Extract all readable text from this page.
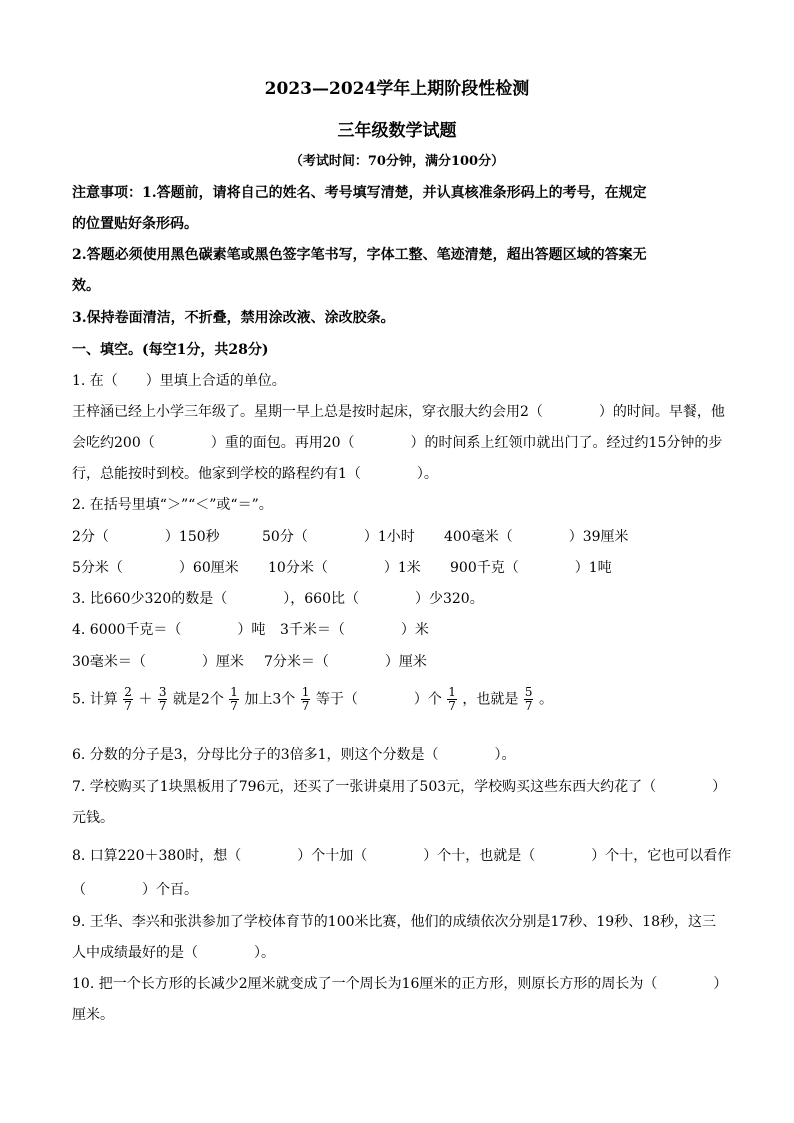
2023—2024学年上期阶段性检测
三年级数学试题
（考试时间：70分钟，满分100分）
注意事项：1.答题前，请将自己的姓名、考号填写清楚，并认真核准条形码上的考号，在规定
的位置贴好条形码。
2.答题必须使用黑色碳素笔或黑色签字笔书写，字体工整、笔迹清楚，超出答题区域的答案无
效。
3.保持卷面清洁，不折叠，禁用涂改液、涂改胶条。
一、填空。(每空1分，共28分)
1. 在（　　）里填上合适的单位。
王梓涵已经上小学三年级了。星期一早上总是按时起床，穿衣服大约会用2（　　　　）的时间。早餐，他
会吃约200（　　　　）重的面包。再用20（　　　　）的时间系上红领巾就出门了。经过约15分钟的步
行，总能按时到校。他家到学校的路程约有1（　　　　）。
2. 在括号里填“＞”“＜”或“＝”。
2分（　　　　）150秒	50分（　　　　）1小时 400毫米（　　　　）39厘米
5分米（　　　　）60厘米 10分米（　　　　）1米 900千克（　　　　）1吨
3. 比660少320的数是（　　　　），660比（　　　　）少320。
4. 6000千克＝（　　　　）吨 3千米＝（　　　　）米
30毫米＝（　　　　）厘米 7分米＝（　　　　）厘米
5. 计算 $\frac{2}{7} + \frac{3}{7}$ 就是2个 $\frac{1}{7}$ 加上3个 $\frac{1}{7}$ 等于（　　　　）个 $\frac{1}{7}$ ，也就是 $\frac{5}{7}$ 。
6. 分数的分子是3，分母比分子的3倍多1，则这个分数是（　　　　）。
7. 学校购买了1块黑板用了796元，还买了一张讲桌用了503元，学校购买这些东西大约花了（　　　　）
元钱。
8. 口算220＋380时，想（　　　　）个十加（　　　　）个十，也就是（　　　　）个十，它也可以看作
（　　　　）个百。
9. 王华、李兴和张洪参加了学校体育节的100米比赛，他们的成绩依次分别是17秒、19秒、18秒，这三
人中成绩最好的是（　　　　）。
10. 把一个长方形的长减少2厘米就变成了一个周长为16厘米的正方形，则原长方形的周长为（　　　　）
厘米。
